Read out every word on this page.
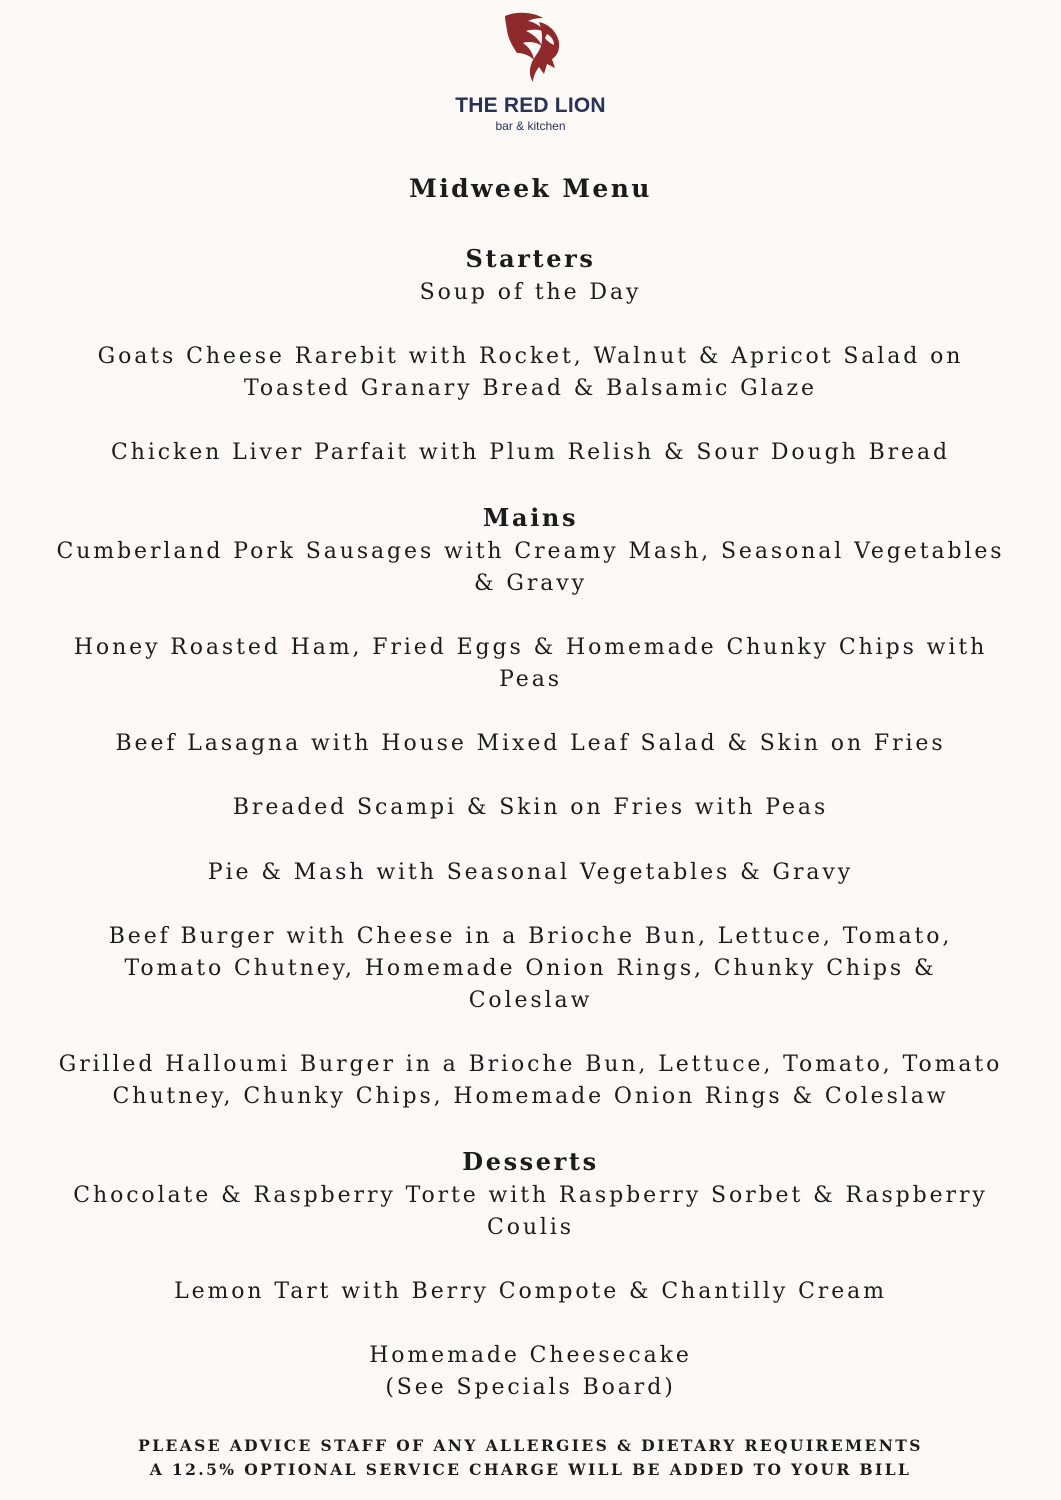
THE RED LION
bar & kitchen
Midweek Menu
Starters
Soup of the Day
Goats Cheese Rarebit with Rocket, Walnut & Apricot Salad on
Toasted Granary Bread & Balsamic Glaze
Chicken Liver Parfait with Plum Relish & Sour Dough Bread
Mains
Cumberland Pork Sausages with Creamy Mash, Seasonal Vegetables
& Gravy
Honey Roasted Ham, Fried Eggs & Homemade Chunky Chips with
Peas
Beef Lasagna with House Mixed Leaf Salad & Skin on Fries
Breaded Scampi & Skin on Fries with Peas
Pie & Mash with Seasonal Vegetables & Gravy
Beef Burger with Cheese in a Brioche Bun, Lettuce, Tomato,
Tomato Chutney, Homemade Onion Rings, Chunky Chips &
Coleslaw
Grilled Halloumi Burger in a Brioche Bun, Lettuce, Tomato, Tomato
Chutney, Chunky Chips, Homemade Onion Rings & Coleslaw
Desserts
Chocolate & Raspberry Torte with Raspberry Sorbet & Raspberry
Coulis
Lemon Tart with Berry Compote & Chantilly Cream
Homemade Cheesecake
(See Specials Board)
PLEASE ADVICE STAFF OF ANY ALLERGIES & DIETARY REQUIREMENTS
A 12.5% OPTIONAL SERVICE CHARGE WILL BE ADDED TO YOUR BILL
